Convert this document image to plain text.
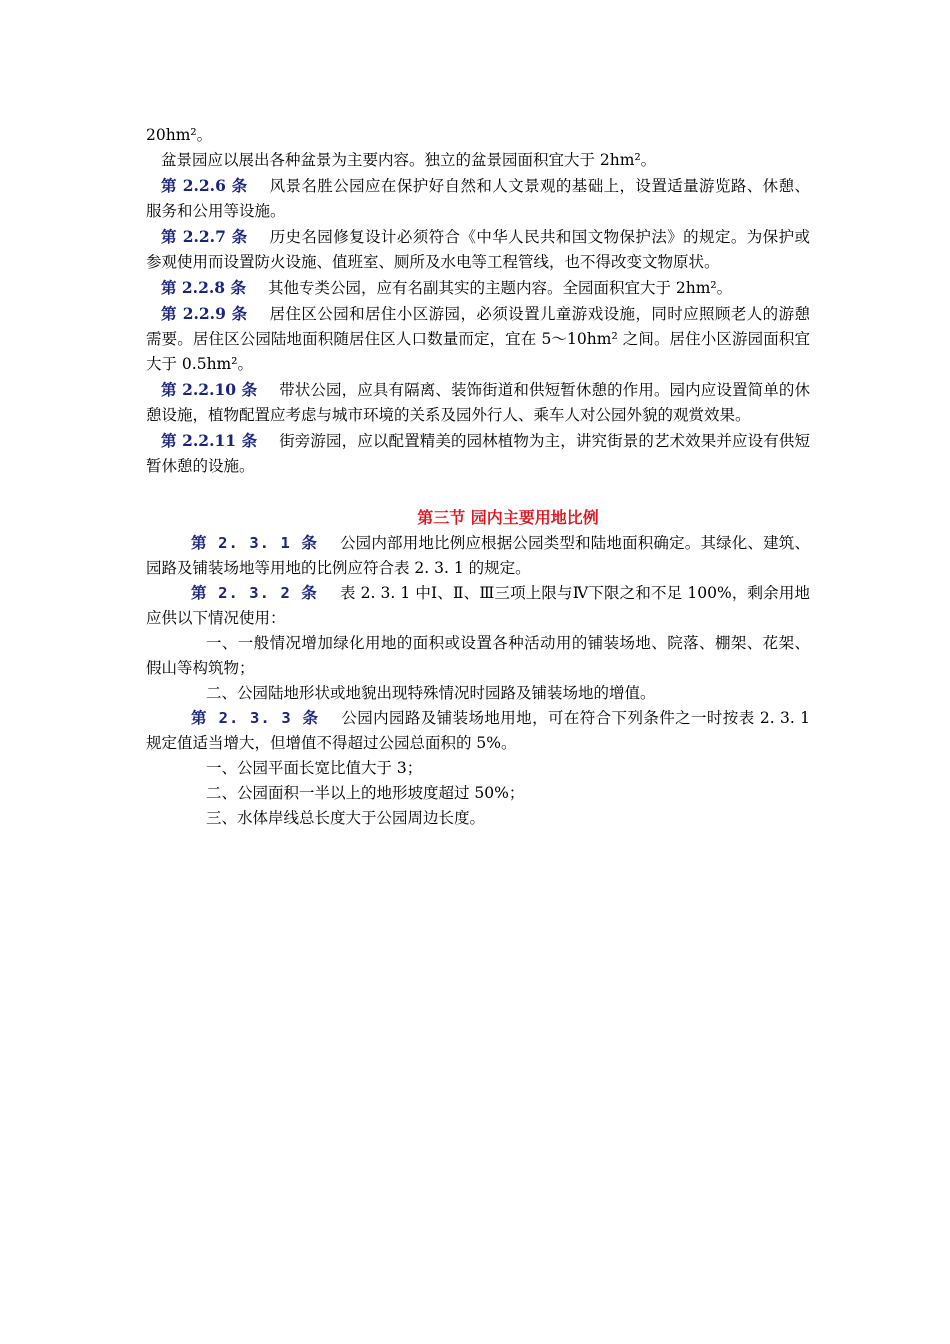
20hm²。

盆景园应以展出各种盆景为主要内容。独立的盆景园面积宜大于 2hm²。

第 2.2.6 条 风景名胜公园应在保护好自然和人文景观的基础上，设置适量游览路、休憩、服务和公用等设施。

第 2.2.7 条 历史名园修复设计必须符合《中华人民共和国文物保护法》的规定。为保护或参观使用而设置防火设施、值班室、厕所及水电等工程管线，也不得改变文物原状。

第 2.2.8 条 其他专类公园，应有名副其实的主题内容。全园面积宜大于 2hm²。

第 2.2.9 条 居住区公园和居住小区游园，必须设置儿童游戏设施，同时应照顾老人的游憩需要。居住区公园陆地面积随居住区人口数量而定，宜在 5～10hm² 之间。居住小区游园面积宜大于 0.5hm²。

第 2.2.10 条 带状公园，应具有隔离、装饰街道和供短暂休憩的作用。园内应设置简单的休憩设施，植物配置应考虑与城市环境的关系及园外行人、乘车人对公园外貌的观赏效果。

第 2.2.11 条 街旁游园，应以配置精美的园林植物为主，讲究街景的艺术效果并应设有供短暂休憩的设施。

第三节 园内主要用地比例

第 2. 3. 1 条 公园内部用地比例应根据公园类型和陆地面积确定。其绿化、建筑、园路及铺装场地等用地的比例应符合表 2. 3. 1 的规定。

第 2. 3. 2 条 表 2. 3. 1 中Ⅰ、Ⅱ、Ⅲ三项上限与Ⅳ下限之和不足 100%，剩余用地应供以下情况使用：

一、一般情况增加绿化用地的面积或设置各种活动用的铺装场地、院落、棚架、花架、假山等构筑物；

二、公园陆地形状或地貌出现特殊情况时园路及铺装场地的增值。

第 2. 3. 3 条 公园内园路及铺装场地用地，可在符合下列条件之一时按表 2. 3. 1 规定值适当增大，但增值不得超过公园总面积的 5%。

一、公园平面长宽比值大于 3；

二、公园面积一半以上的地形坡度超过 50%；

三、水体岸线总长度大于公园周边长度。
